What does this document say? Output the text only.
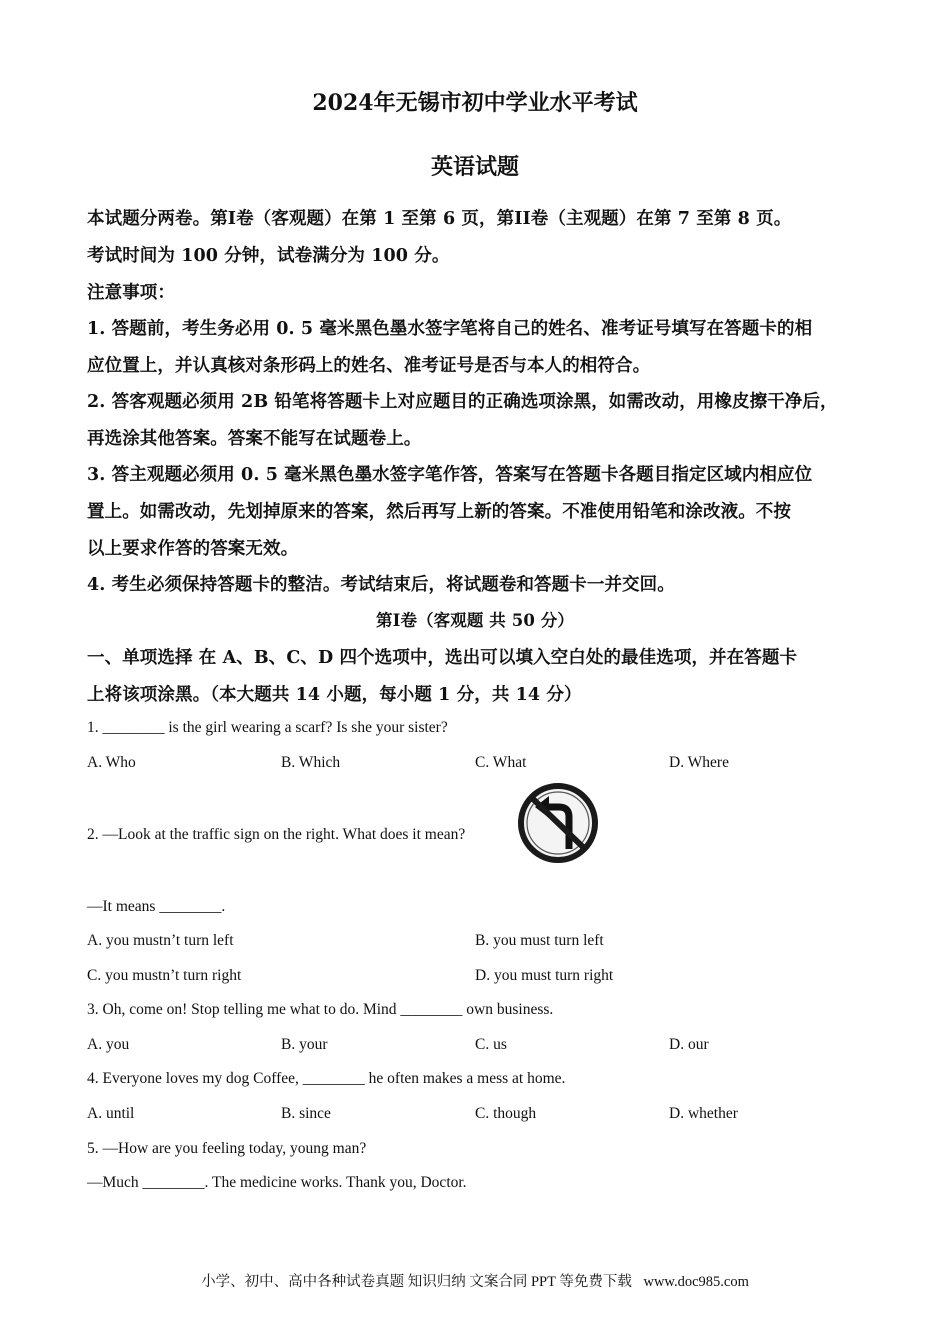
2024年无锡市初中学业水平考试
英语试题
本试题分两卷。第I卷（客观题）在第 1 至第 6 页，第II卷（主观题）在第 7 至第 8 页。
考试时间为 100 分钟，试卷满分为 100 分。
注意事项：
1. 答题前，考生务必用 0. 5 毫米黑色墨水签字笔将自己的姓名、准考证号填写在答题卡的相
应位置上，并认真核对条形码上的姓名、准考证号是否与本人的相符合。
2. 答客观题必须用 2B 铅笔将答题卡上对应题目的正确选项涂黑，如需改动，用橡皮擦干净后，
再选涂其他答案。答案不能写在试题卷上。
3. 答主观题必须用 0. 5 毫米黑色墨水签字笔作答，答案写在答题卡各题目指定区域内相应位
置上。如需改动，先划掉原来的答案，然后再写上新的答案。不准使用铅笔和涂改液。不按
以上要求作答的答案无效。
4. 考生必须保持答题卡的整洁。考试结束后，将试题卷和答题卡一并交回。
第I卷（客观题 共 50 分）
一、单项选择 在 A、B、C、D 四个选项中，选出可以填入空白处的最佳选项，并在答题卡
上将该项涂黑。（本大题共 14 小题，每小题 1 分，共 14 分）
1. ________ is the girl wearing a scarf? Is she your sister?
A. Who	B. Which	C. What	D. Where
2. —Look at the traffic sign on the right. What does it mean?
—It means ________.
A. you mustn’t turn left	B. you must turn left
C. you mustn’t turn right	D. you must turn right
3. Oh, come on! Stop telling me what to do. Mind ________ own business.
A. you	B. your	C. us	D. our
4. Everyone loves my dog Coffee, ________ he often makes a mess at home.
A. until	B. since	C. though	D. whether
5. —How are you feeling today, young man?
—Much ________. The medicine works. Thank you, Doctor.
小学、初中、高中各种试卷真题 知识归纳 文案合同 PPT 等免费下载 www.doc985.com
